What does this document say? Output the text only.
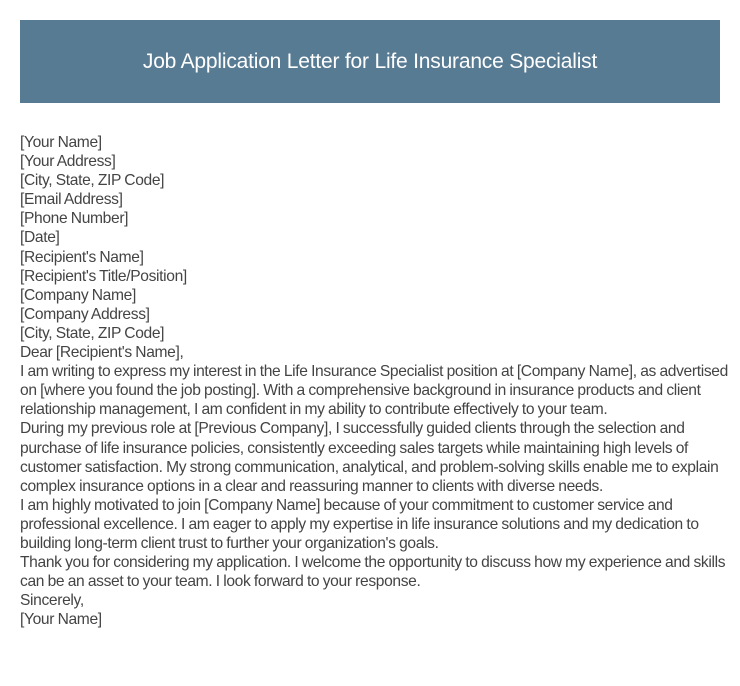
Job Application Letter for Life Insurance Specialist

[Your Name]

[Your Address]

[City, State, ZIP Code]

[Email Address]

[Phone Number]

[Date]

[Recipient's Name]

[Recipient's Title/Position]

[Company Name]

[Company Address]

[City, State, ZIP Code]

Dear [Recipient's Name],

I am writing to express my interest in the Life Insurance Specialist position at [Company Name], as advertised on [where you found the job posting]. With a comprehensive background in insurance products and client relationship management, I am confident in my ability to contribute effectively to your team.

During my previous role at [Previous Company], I successfully guided clients through the selection and purchase of life insurance policies, consistently exceeding sales targets while maintaining high levels of customer satisfaction. My strong communication, analytical, and problem-solving skills enable me to explain complex insurance options in a clear and reassuring manner to clients with diverse needs.

I am highly motivated to join [Company Name] because of your commitment to customer service and professional excellence. I am eager to apply my expertise in life insurance solutions and my dedication to building long-term client trust to further your organization's goals.

Thank you for considering my application. I welcome the opportunity to discuss how my experience and skills can be an asset to your team. I look forward to your response.

Sincerely,

[Your Name]
